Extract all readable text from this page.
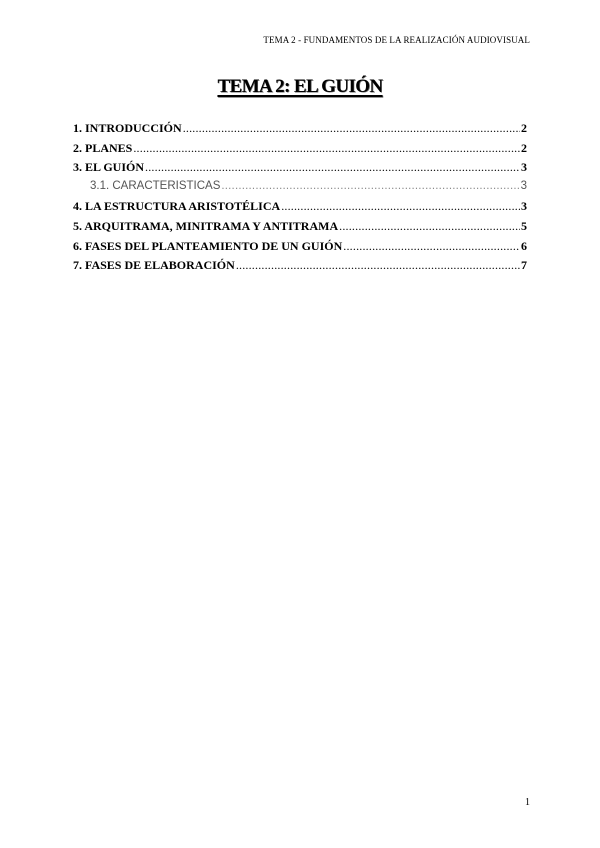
TEMA 2 - FUNDAMENTOS DE LA REALIZACIÓN AUDIOVISUAL
TEMA 2: EL GUIÓN
1. INTRODUCCIÓN .....	2
2. PLANES .....	2
3. EL GUIÓN .....	3
3.1. CARACTERÍSTICAS .....	3
4. LA ESTRUCTURA ARISTOTÉLICA .....	3
5. ARQUITRAMA, MINITRAMA Y ANTITRAMA .....	5
6. FASES DEL PLANTEAMIENTO DE UN GUIÓN .....	6
7. FASES DE ELABORACIÓN .....	7
1
